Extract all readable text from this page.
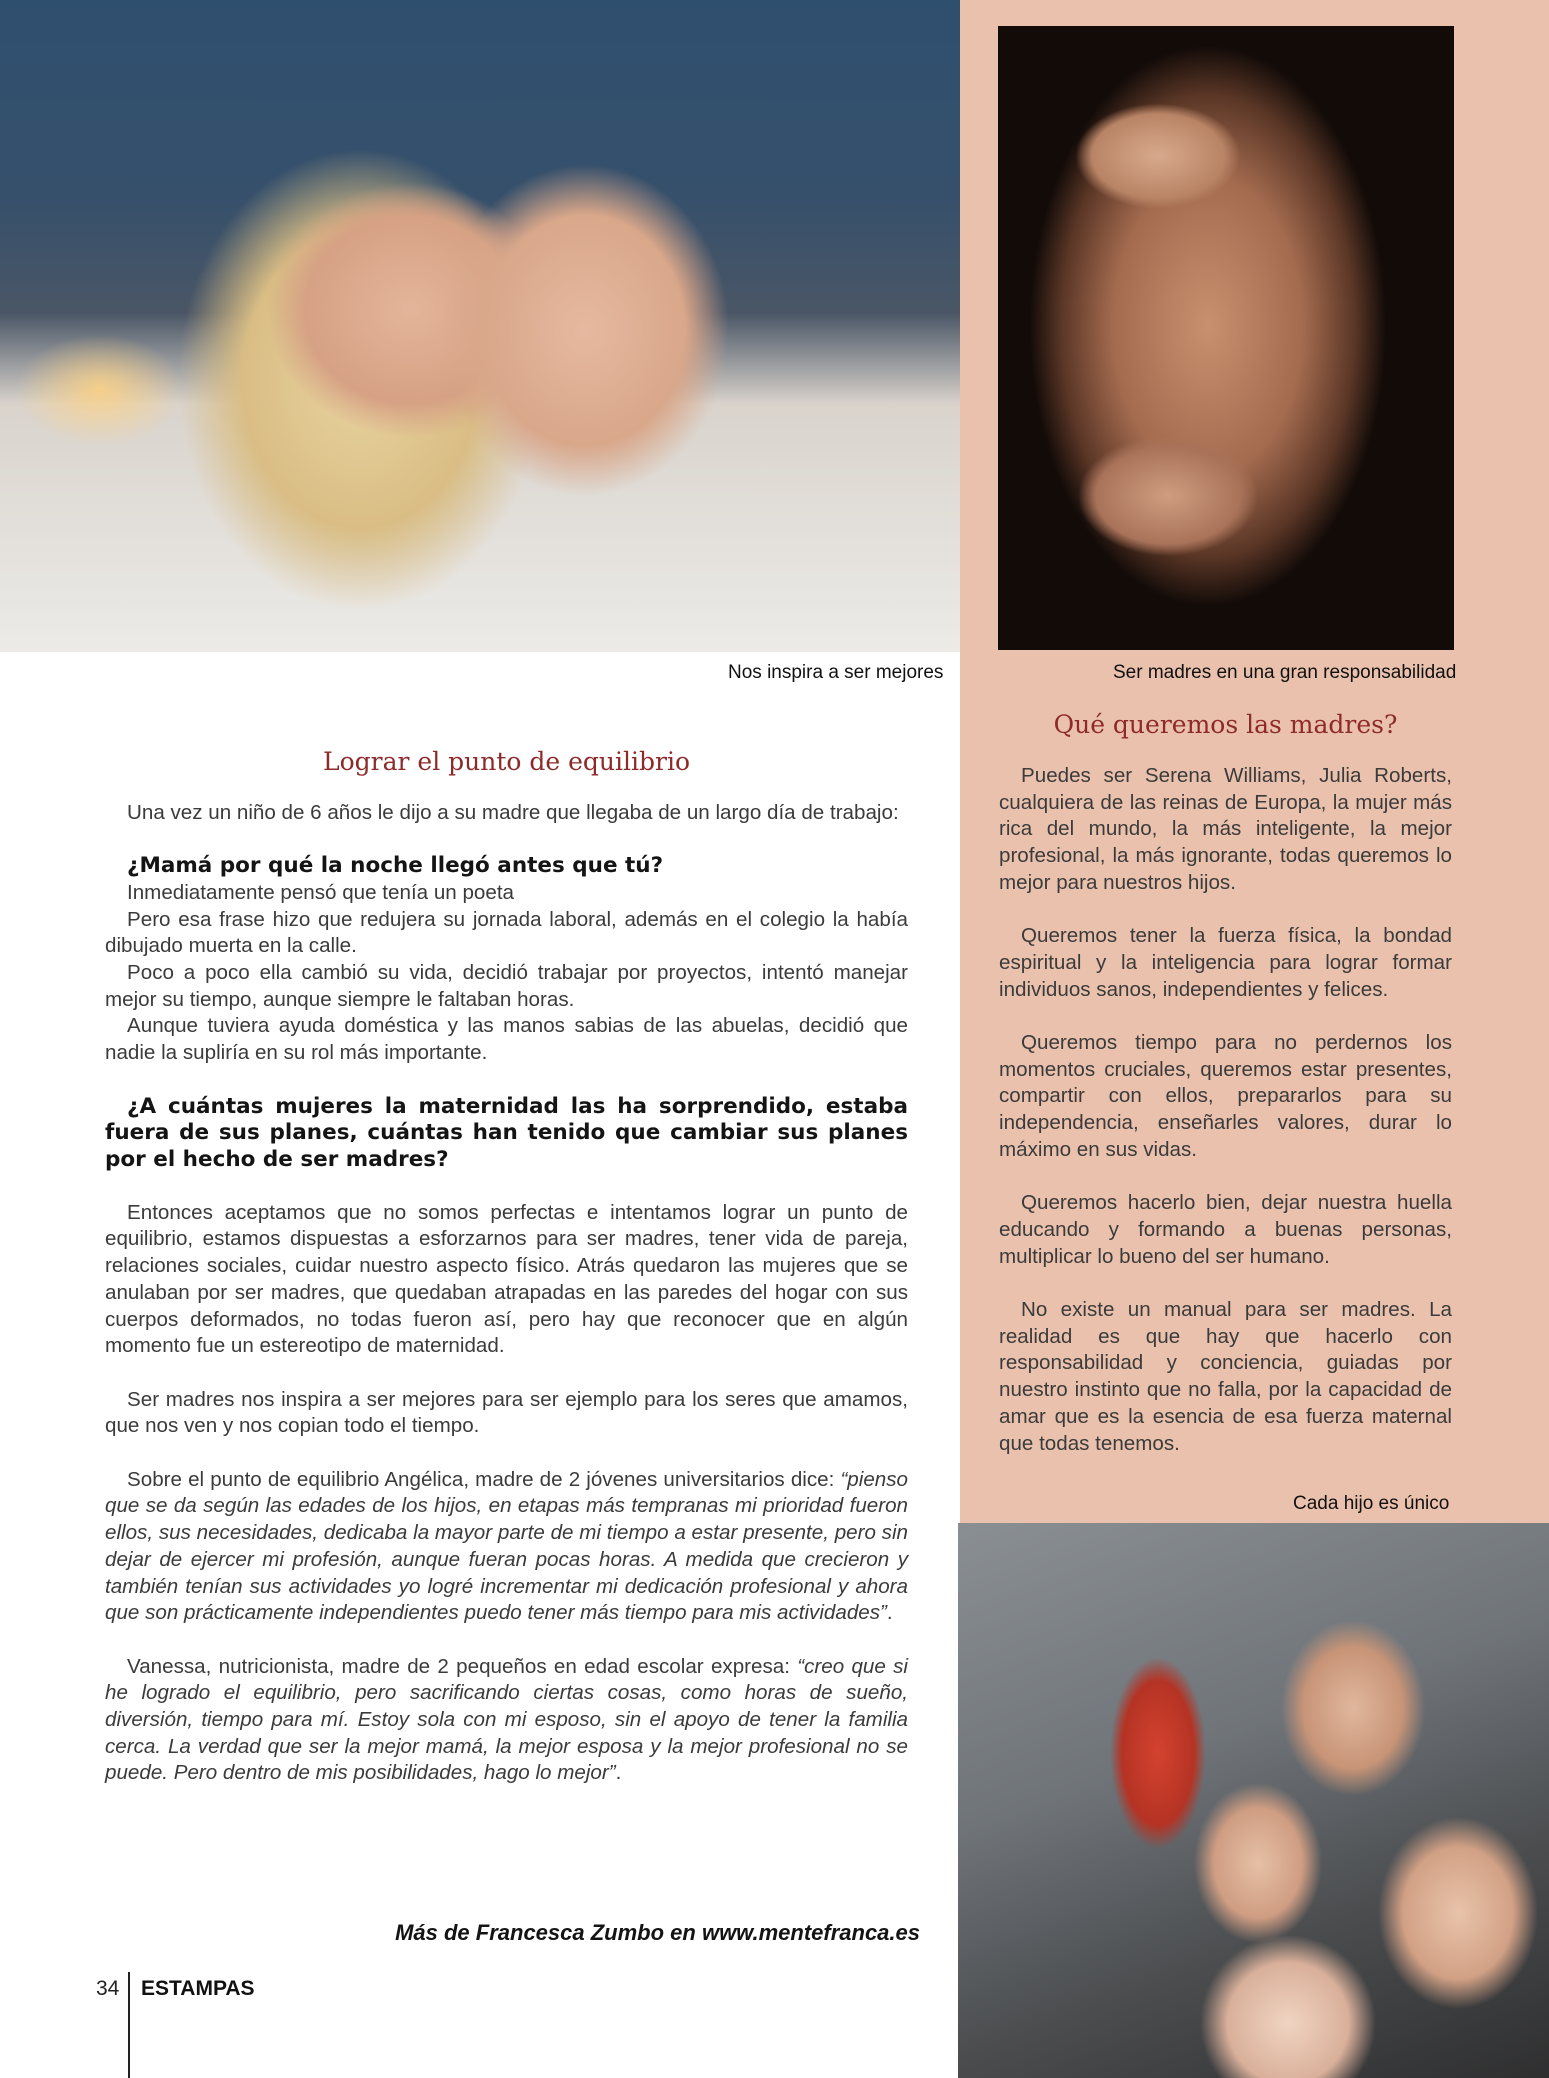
Nos inspira a ser mejores	Ser madres en una gran responsabilidad
Cada hijo es único
Qué queremos las madres?

Puedes ser Serena Williams, Julia Roberts, cualquiera de las reinas de Europa, la mujer más rica del mundo, la más inteligente, la mejor profesional, la más ignorante, todas queremos lo mejor para nuestros hijos.

Queremos tener la fuerza física, la bondad espiritual y la inteligencia para lograr formar individuos sanos, independientes y felices.

Queremos tiempo para no perdernos los momentos cruciales, queremos estar presentes, compartir con ellos, prepararlos para su independencia, enseñarles valores, durar lo máximo en sus vidas.

Queremos hacerlo bien, dejar nuestra huella educando y formando a buenas personas, multiplicar lo bueno del ser humano.

No existe un manual para ser madres. La realidad es que hay que hacerlo con responsabilidad y conciencia, guiadas por nuestro instinto que no falla, por la capacidad de amar que es la esencia de esa fuerza maternal que todas tenemos.

Lograr el punto de equilibrio

Una vez un niño de 6 años le dijo a su madre que llegaba de un largo día de trabajo:

¿Mamá por qué la noche llegó antes que tú?

Inmediatamente pensó que tenía un poeta

Pero esa frase hizo que redujera su jornada laboral, además en el colegio la había dibujado muerta en la calle.

Poco a poco ella cambió su vida, decidió trabajar por proyectos, intentó manejar mejor su tiempo, aunque siempre le faltaban horas.

Aunque tuviera ayuda doméstica y las manos sabias de las abuelas, decidió que nadie la supliría en su rol más importante.

¿A cuántas mujeres la maternidad las ha sorprendido, estaba fuera de sus planes, cuántas han tenido que cambiar sus planes por el hecho de ser madres?

Entonces aceptamos que no somos perfectas e intentamos lograr un punto de equilibrio, estamos dispuestas a esforzarnos para ser madres, tener vida de pareja, relaciones sociales, cuidar nuestro aspecto físico. Atrás quedaron las mujeres que se anulaban por ser madres, que quedaban atrapadas en las paredes del hogar con sus cuerpos deformados, no todas fueron así, pero hay que reconocer que en algún momento fue un estereotipo de maternidad.

Ser madres nos inspira a ser mejores para ser ejemplo para los seres que amamos, que nos ven y nos copian todo el tiempo.

Sobre el punto de equilibrio Angélica, madre de 2 jóvenes universitarios dice: “pienso que se da según las edades de los hijos, en etapas más tempranas mi prioridad fueron ellos, sus necesidades, dedicaba la mayor parte de mi tiempo a estar presente, pero sin dejar de ejercer mi profesión, aunque fueran pocas horas. A medida que crecieron y también tenían sus actividades yo logré incrementar mi dedicación profesional y ahora que son prácticamente independientes puedo tener más tiempo para mis actividades”.

Vanessa, nutricionista, madre de 2 pequeños en edad escolar expresa: “creo que si he logrado el equilibrio, pero sacrificando ciertas cosas, como horas de sueño, diversión, tiempo para mí. Estoy sola con mi esposo, sin el apoyo de tener la familia cerca. La verdad que ser la mejor mamá, la mejor esposa y la mejor profesional no se puede. Pero dentro de mis posibilidades, hago lo mejor”.

Más de Francesca Zumbo en www.mentefranca.es
34 ESTAMPAS
